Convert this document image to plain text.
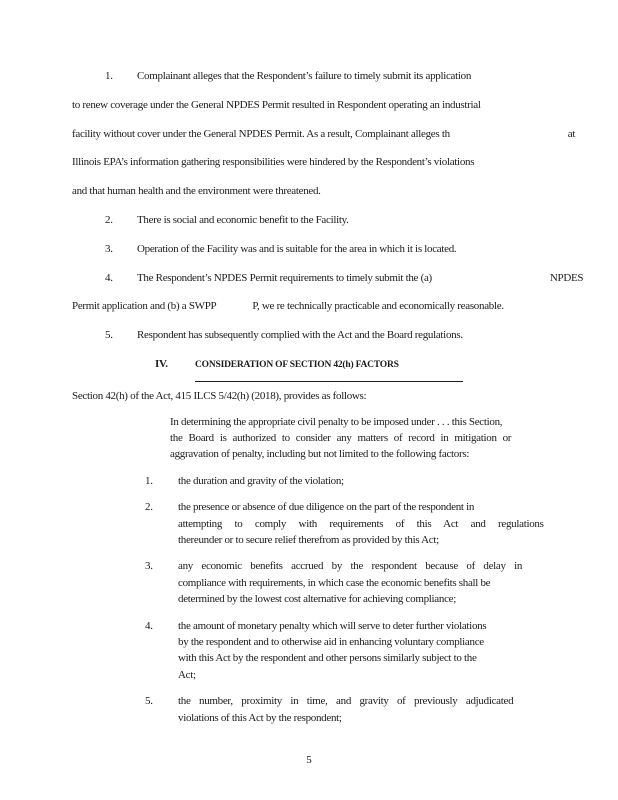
1. Complainant alleges that the Respondent’s failure to timely submit its application
to renew coverage under the General NPDES Permit resulted in Respondent operating an industrial
facility without cover under the General NPDES Permit. As a result, Complainant alleges th	at
Illinois EPA’s information gathering responsibilities were hindered by the Respondent’s violations
and that human health and the environment were threatened.
2. There is social and economic benefit to the Facility.
3. Operation of the Facility was and is suitable for the area in which it is located.
4. The Respondent’s NPDES Permit requirements to timely submit the (a)	NPDES
Permit application and (b) a SWPP	P, we re technically practicable and economically reasonable.
5. Respondent has subsequently complied with the Act and the Board regulations.
IV.	CONSIDERATION OF SECTION 42(h) FACTORS
Section 42(h) of the Act, 415 ILCS 5/42(h) (2018), provides as follows:
In determining the appropriate civil penalty to be imposed under . . . this Section,
the Board is authorized to consider any matters of record in mitigation or
aggravation of penalty, including but not limited to the following factors:
1.	the duration and gravity of the violation;
2.	the presence or absence of due diligence on the part of the respondent in
attempting to comply with requirements of this Act and regulations
thereunder or to secure relief therefrom as provided by this Act;
3.	any economic benefits accrued by the respondent because of delay in
compliance with requirements, in which case the economic benefits shall be
determined by the lowest cost alternative for achieving compliance;
4.	the amount of monetary penalty which will serve to deter further violations
by the respondent and to otherwise aid in enhancing voluntary compliance
with this Act by the respondent and other persons similarly subject to the
Act;
5.	the number, proximity in time, and gravity of previously adjudicated
violations of this Act by the respondent;
5
